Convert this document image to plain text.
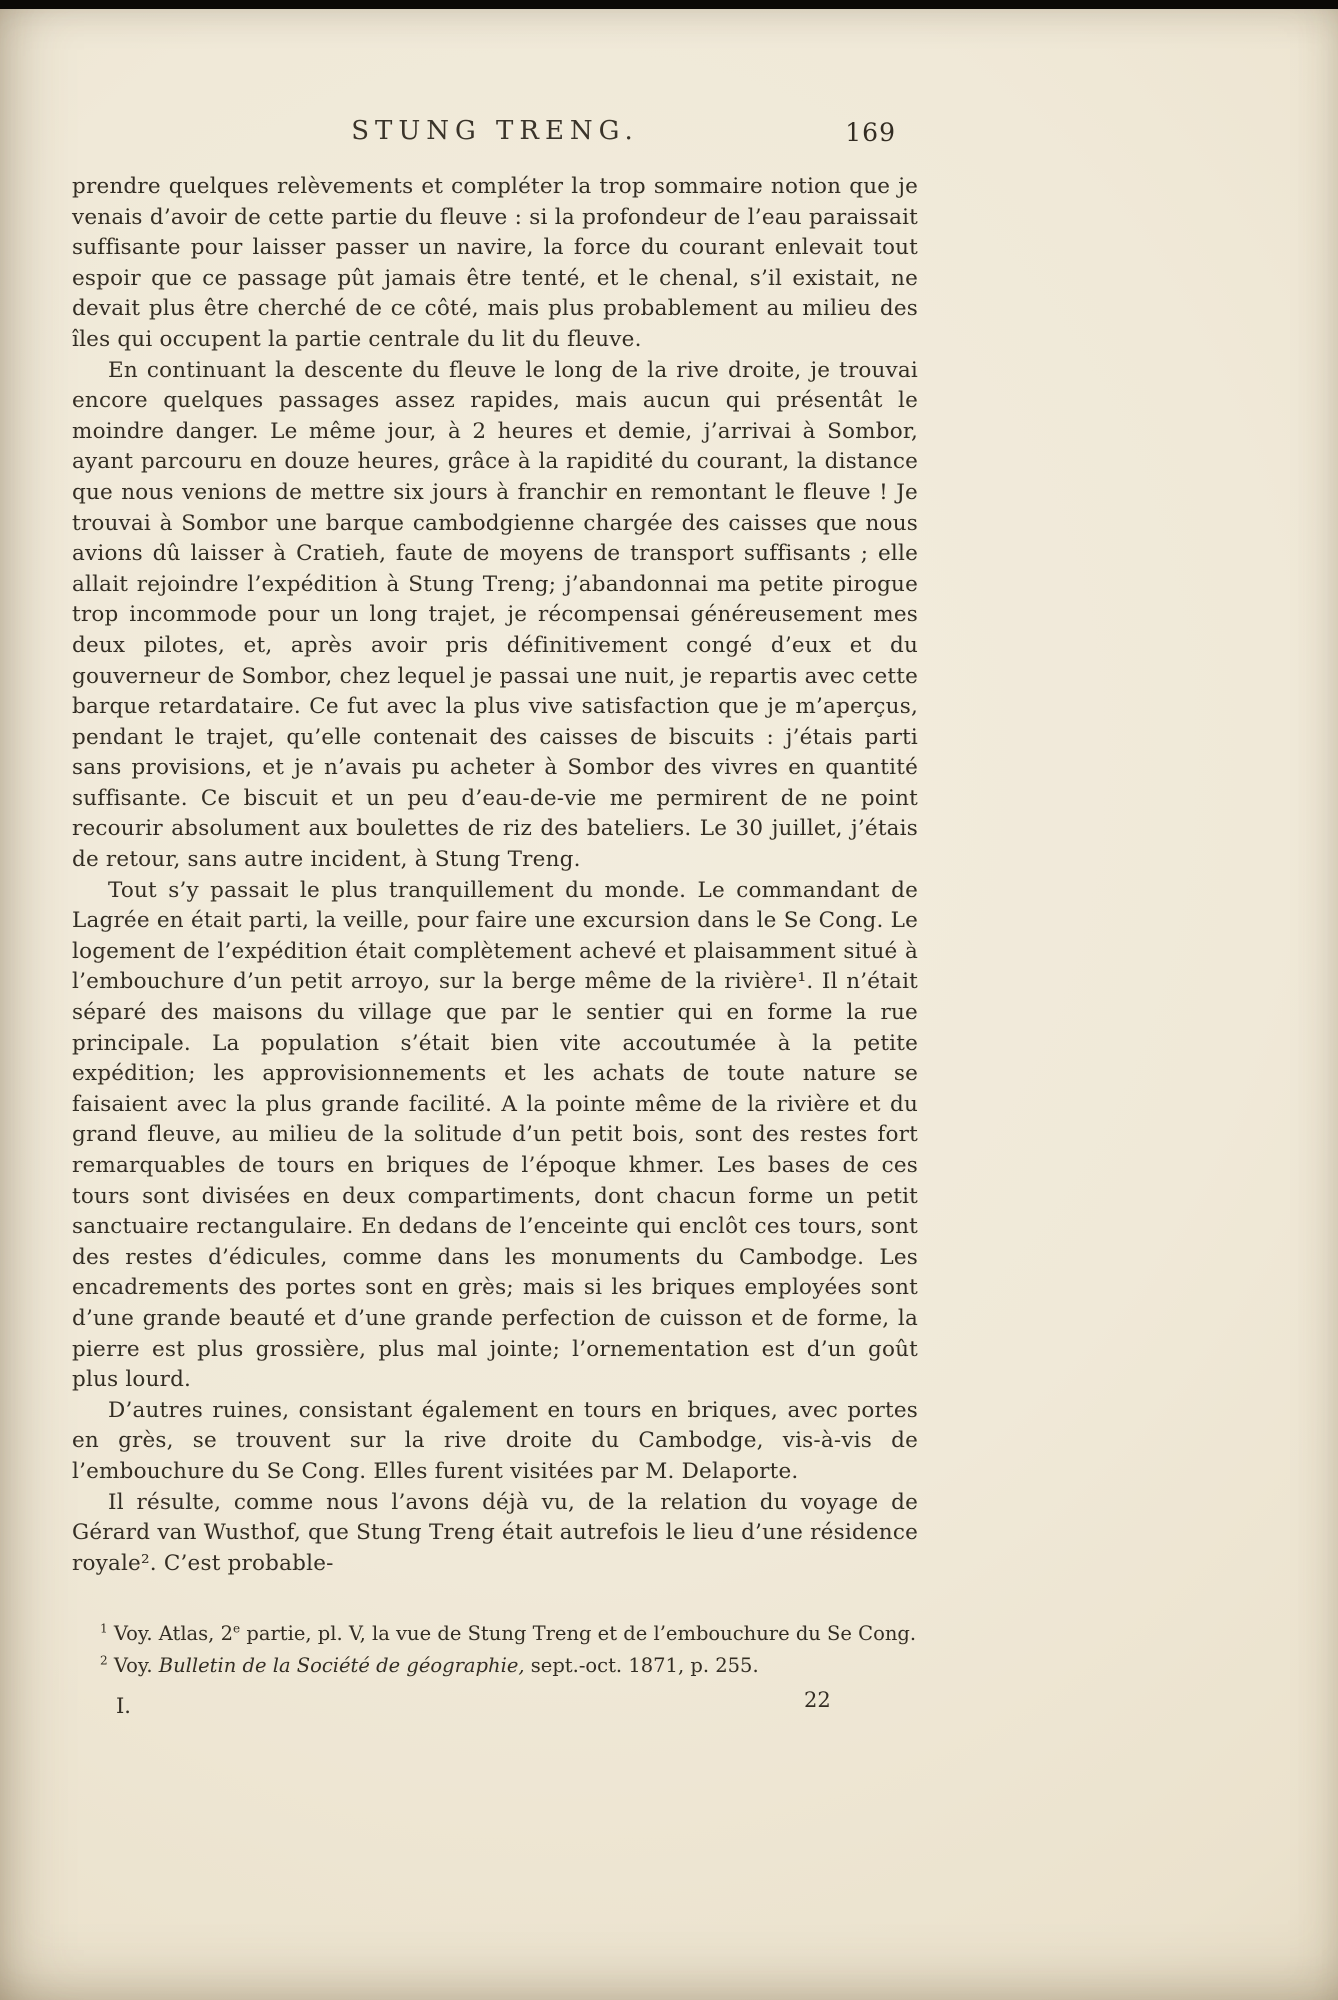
STUNG TRENG.	169

prendre quelques relèvements et compléter la trop sommaire notion que je venais d’avoir de cette partie du fleuve : si la profondeur de l’eau paraissait suffisante pour laisser passer un navire, la force du courant enlevait tout espoir que ce passage pût jamais être tenté, et le chenal, s’il existait, ne devait plus être cherché de ce côté, mais plus probablement au milieu des îles qui occupent la partie centrale du lit du fleuve.

En continuant la descente du fleuve le long de la rive droite, je trouvai encore quelques passages assez rapides, mais aucun qui présentât le moindre danger. Le même jour, à 2 heures et demie, j’arrivai à Sombor, ayant parcouru en douze heures, grâce à la rapidité du courant, la distance que nous venions de mettre six jours à franchir en remontant le fleuve ! Je trouvai à Sombor une barque cambodgienne chargée des caisses que nous avions dû laisser à Cratieh, faute de moyens de transport suffisants ; elle allait rejoindre l’expédition à Stung Treng; j’abandonnai ma petite pirogue trop incommode pour un long trajet, je récompensai généreusement mes deux pilotes, et, après avoir pris définitivement congé d’eux et du gouverneur de Sombor, chez lequel je passai une nuit, je repartis avec cette barque retardataire. Ce fut avec la plus vive satisfaction que je m’aperçus, pendant le trajet, qu’elle contenait des caisses de biscuits : j’étais parti sans provisions, et je n’avais pu acheter à Sombor des vivres en quantité suffisante. Ce biscuit et un peu d’eau-de-vie me permirent de ne point recourir absolument aux boulettes de riz des bateliers. Le 30 juillet, j’étais de retour, sans autre incident, à Stung Treng.

Tout s’y passait le plus tranquillement du monde. Le commandant de Lagrée en était parti, la veille, pour faire une excursion dans le Se Cong. Le logement de l’expédition était complètement achevé et plaisamment situé à l’embouchure d’un petit arroyo, sur la berge même de la rivière¹. Il n’était séparé des maisons du village que par le sentier qui en forme la rue principale. La population s’était bien vite accoutumée à la petite expédition; les approvisionnements et les achats de toute nature se faisaient avec la plus grande facilité. A la pointe même de la rivière et du grand fleuve, au milieu de la solitude d’un petit bois, sont des restes fort remarquables de tours en briques de l’époque khmer. Les bases de ces tours sont divisées en deux compartiments, dont chacun forme un petit sanctuaire rectangulaire. En dedans de l’enceinte qui enclôt ces tours, sont des restes d’édicules, comme dans les monuments du Cambodge. Les encadrements des portes sont en grès; mais si les briques employées sont d’une grande beauté et d’une grande perfection de cuisson et de forme, la pierre est plus grossière, plus mal jointe; l’ornementation est d’un goût plus lourd.

D’autres ruines, consistant également en tours en briques, avec portes en grès, se trouvent sur la rive droite du Cambodge, vis-à-vis de l’embouchure du Se Cong. Elles furent visitées par M. Delaporte.

Il résulte, comme nous l’avons déjà vu, de la relation du voyage de Gérard van Wusthof, que Stung Treng était autrefois le lieu d’une résidence royale². C’est probable-

$^1$ Voy. Atlas, 2e partie, pl. V, la vue de Stung Treng et de l’embouchure du Se Cong.

$^2$ Voy. Bulletin de la Société de géographie, sept.-oct. 1871, p. 255.

I.	22
